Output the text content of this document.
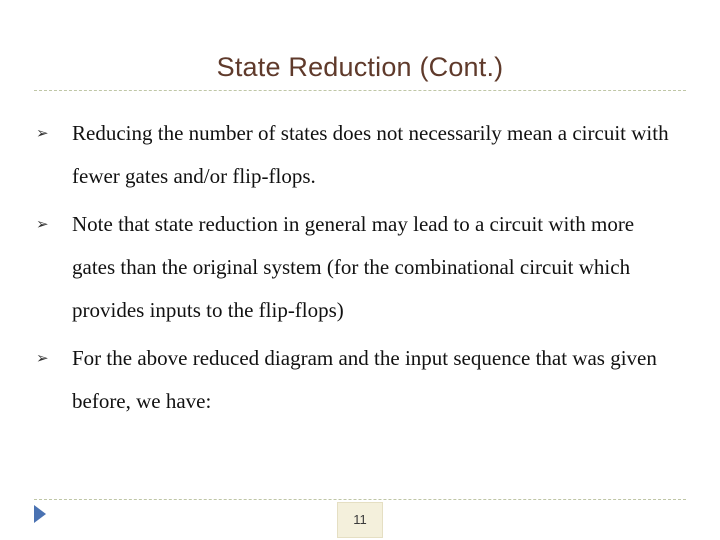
State Reduction (Cont.)
➢	Reducing the number of states does not necessarily mean a circuit with fewer gates and/or flip-flops.
➢	Note that state reduction in general may lead to a circuit with more gates than the original system (for the combinational circuit which provides inputs to the flip-flops)
➢	For the above reduced diagram and the input sequence that was given before, we have:
11
